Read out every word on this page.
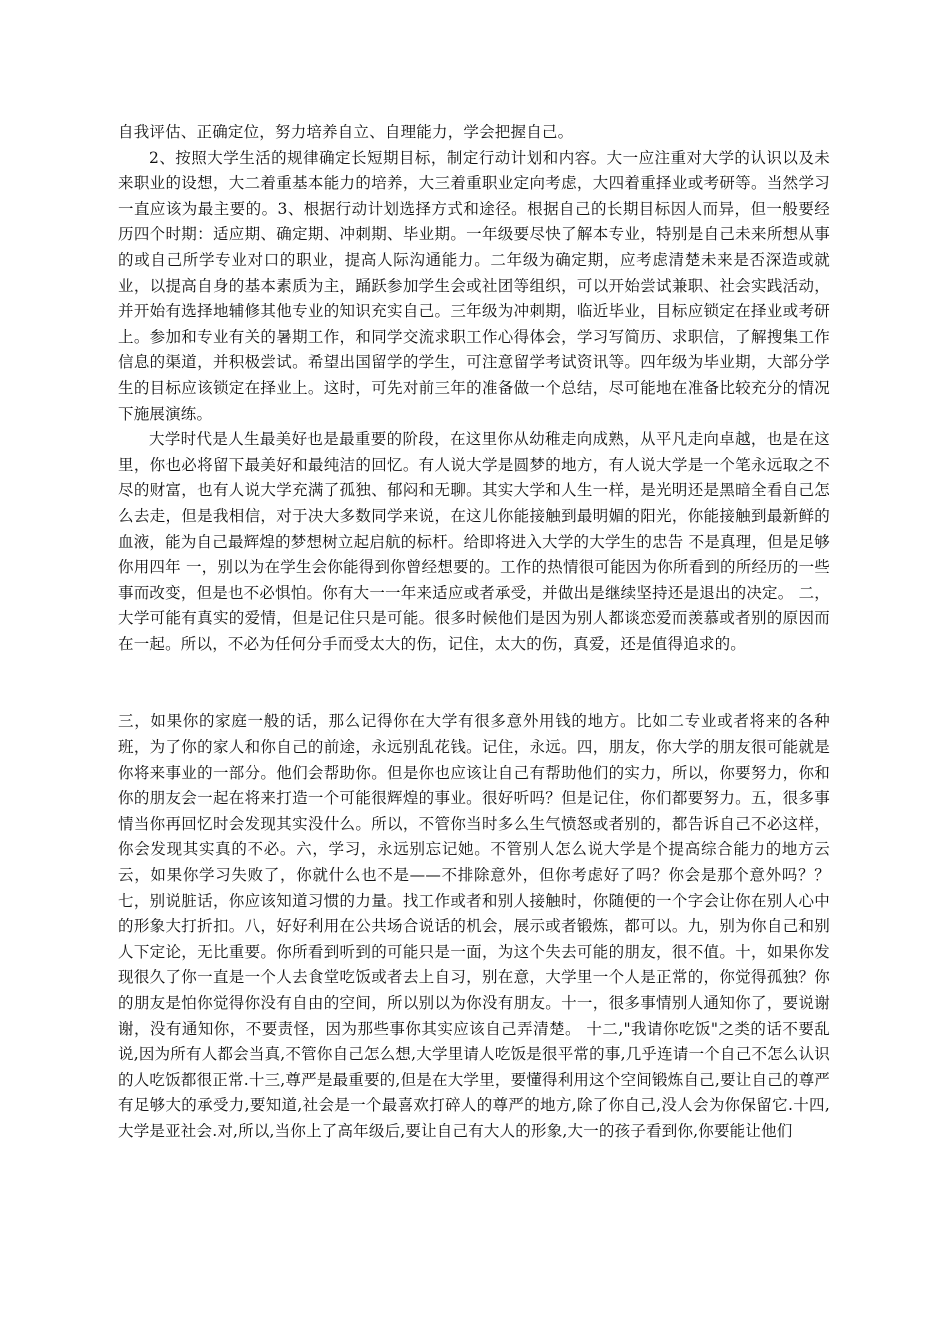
自我评估、正确定位，努力培养自立、自理能力，学会把握自己。

2、按照大学生活的规律确定长短期目标，制定行动计划和内容。大一应注重对大学的认识以及未来职业的设想，大二着重基本能力的培养，大三着重职业定向考虑，大四着重择业或考研等。当然学习一直应该为最主要的。3、根据行动计划选择方式和途径。根据自己的长期目标因人而异，但一般要经历四个时期：适应期、确定期、冲刺期、毕业期。一年级要尽快了解本专业，特别是自己未来所想从事的或自己所学专业对口的职业，提高人际沟通能力。二年级为确定期，应考虑清楚未来是否深造或就业，以提高自身的基本素质为主，踊跃参加学生会或社团等组织，可以开始尝试兼职、社会实践活动，并开始有选择地辅修其他专业的知识充实自己。三年级为冲刺期，临近毕业，目标应锁定在择业或考研上。参加和专业有关的暑期工作，和同学交流求职工作心得体会，学习写简历、求职信，了解搜集工作信息的渠道，并积极尝试。希望出国留学的学生，可注意留学考试资讯等。四年级为毕业期，大部分学生的目标应该锁定在择业上。这时，可先对前三年的准备做一个总结，尽可能地在准备比较充分的情况下施展演练。

大学时代是人生最美好也是最重要的阶段，在这里你从幼稚走向成熟，从平凡走向卓越，也是在这里，你也必将留下最美好和最纯洁的回忆。有人说大学是圆梦的地方，有人说大学是一个笔永远取之不尽的财富，也有人说大学充满了孤独、郁闷和无聊。其实大学和人生一样，是光明还是黑暗全看自己怎么去走，但是我相信，对于决大多数同学来说，在这儿你能接触到最明媚的阳光，你能接触到最新鲜的血液，能为自己最辉煌的梦想树立起启航的标杆。给即将进入大学的大学生的忠告 不是真理，但是足够你用四年 一，别以为在学生会你能得到你曾经想要的。工作的热情很可能因为你所看到的所经历的一些事而改变，但是也不必惧怕。你有大一一年来适应或者承受，并做出是继续坚持还是退出的决定。 二，大学可能有真实的爱情，但是记住只是可能。很多时候他们是因为别人都谈恋爱而羡慕或者别的原因而在一起。所以，不必为任何分手而受太大的伤，记住，太大的伤，真爱，还是值得追求的。

三，如果你的家庭一般的话，那么记得你在大学有很多意外用钱的地方。比如二专业或者将来的各种班，为了你的家人和你自己的前途，永远别乱花钱。记住，永远。四，朋友，你大学的朋友很可能就是你将来事业的一部分。他们会帮助你。但是你也应该让自己有帮助他们的实力，所以，你要努力，你和你的朋友会一起在将来打造一个可能很辉煌的事业。很好听吗？但是记住，你们都要努力。五，很多事情当你再回忆时会发现其实没什么。所以，不管你当时多么生气愤怒或者别的，都告诉自己不必这样，你会发现其实真的不必。六，学习，永远别忘记她。不管别人怎么说大学是个提高综合能力的地方云云，如果你学习失败了，你就什么也不是——不排除意外，但你考虑好了吗？你会是那个意外吗？？ 七，别说脏话，你应该知道习惯的力量。找工作或者和别人接触时，你随便的一个字会让你在别人心中的形象大打折扣。八，好好利用在公共场合说话的机会，展示或者锻炼，都可以。九，别为你自己和别人下定论，无比重要。你所看到听到的可能只是一面，为这个失去可能的朋友，很不值。十，如果你发现很久了你一直是一个人去食堂吃饭或者去上自习，别在意，大学里一个人是正常的，你觉得孤独？你的朋友是怕你觉得你没有自由的空间，所以别以为你没有朋友。十一，很多事情别人通知你了，要说谢谢，没有通知你，不要责怪，因为那些事你其实应该自己弄清楚。 十二,"我请你吃饭"之类的话不要乱说,因为所有人都会当真,不管你自己怎么想,大学里请人吃饭是很平常的事,几乎连请一个自己不怎么认识的人吃饭都很正常.十三,尊严是最重要的,但是在大学里，要懂得利用这个空间锻炼自己,要让自己的尊严有足够大的承受力,要知道,社会是一个最喜欢打碎人的尊严的地方,除了你自己,没人会为你保留它.十四,大学是亚社会.对,所以,当你上了高年级后,要让自己有大人的形象,大一的孩子看到你,你要能让他们
